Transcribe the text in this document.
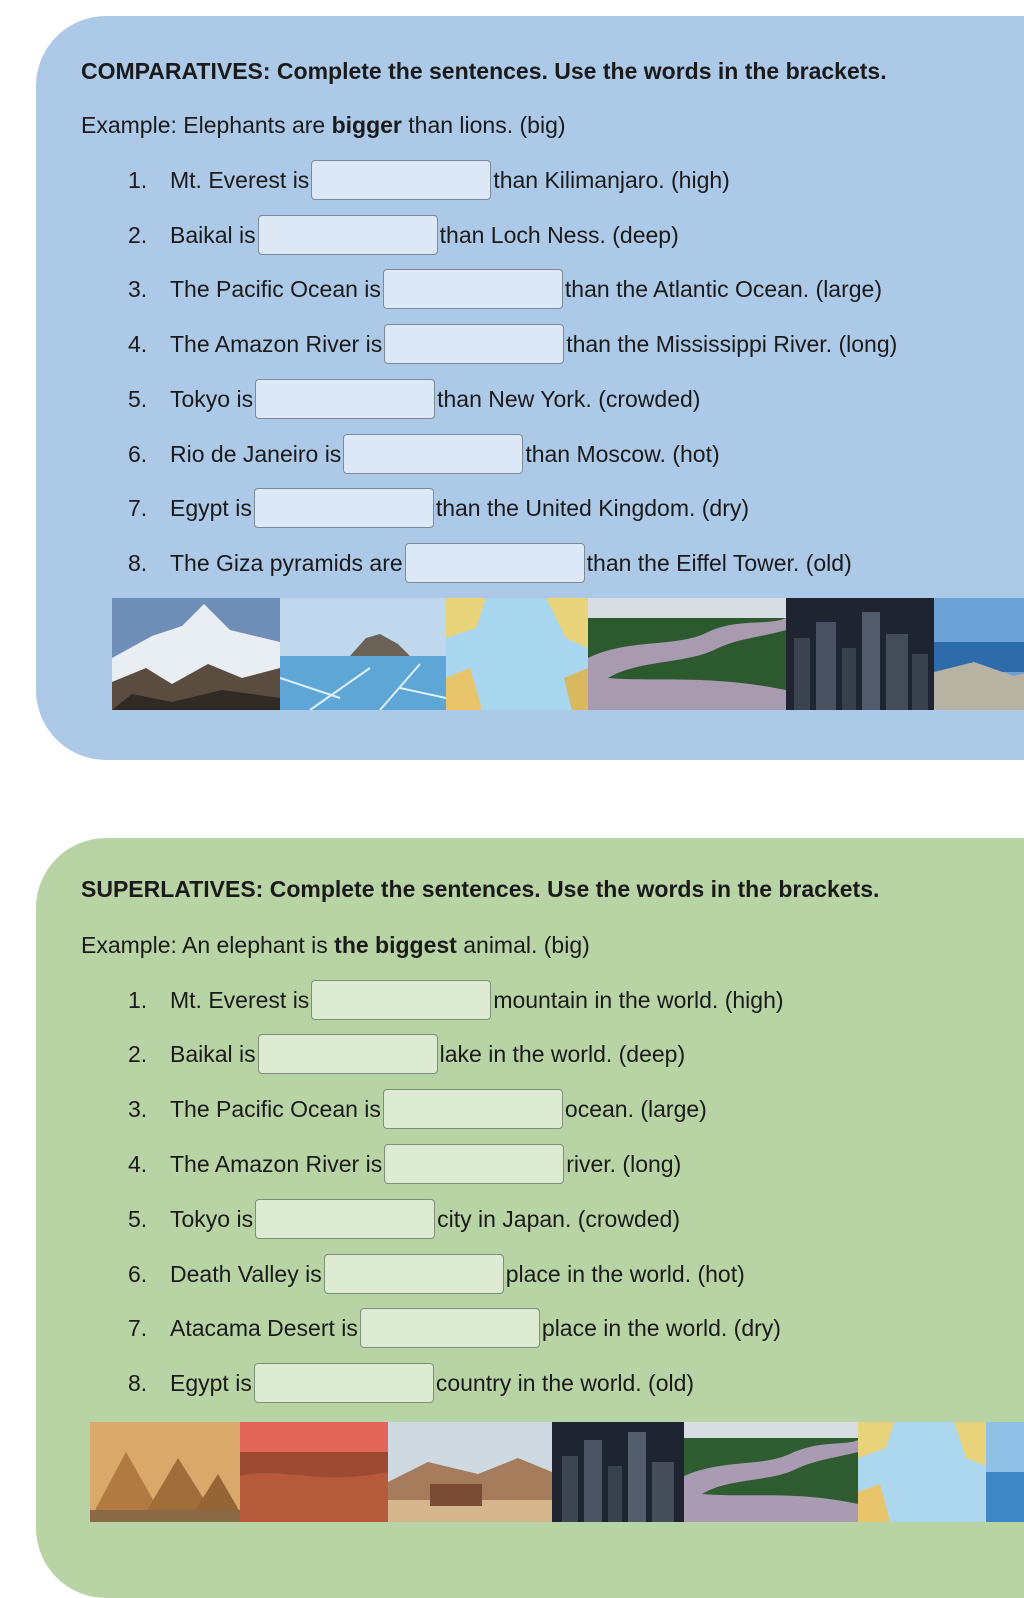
COMPARATIVES: Complete the sentences. Use the words in the brackets.

Example: Elephants are bigger than lions. (big)

1. Mt. Everest is	than Kilimanjaro. (high)
2. Baikal is	than Loch Ness. (deep)
3. The Pacific Ocean is	than the Atlantic Ocean. (large)
4. The Amazon River is	than the Mississippi River. (long)
5. Tokyo is	than New York. (crowded)
6. Rio de Janeiro is	than Moscow. (hot)
7. Egypt is	than the United Kingdom. (dry)
8. The Giza pyramids are	than the Eiffel Tower. (old)

SUPERLATIVES: Complete the sentences. Use the words in the brackets.

Example: An elephant is the biggest animal. (big)

1. Mt. Everest is	mountain in the world. (high)
2. Baikal is	lake in the world. (deep)
3. The Pacific Ocean is	ocean. (large)
4. The Amazon River is	river. (long)
5. Tokyo is	city in Japan. (crowded)
6. Death Valley is	place in the world. (hot)
7. Atacama Desert is	place in the world. (dry)
8. Egypt is	country in the world. (old)
